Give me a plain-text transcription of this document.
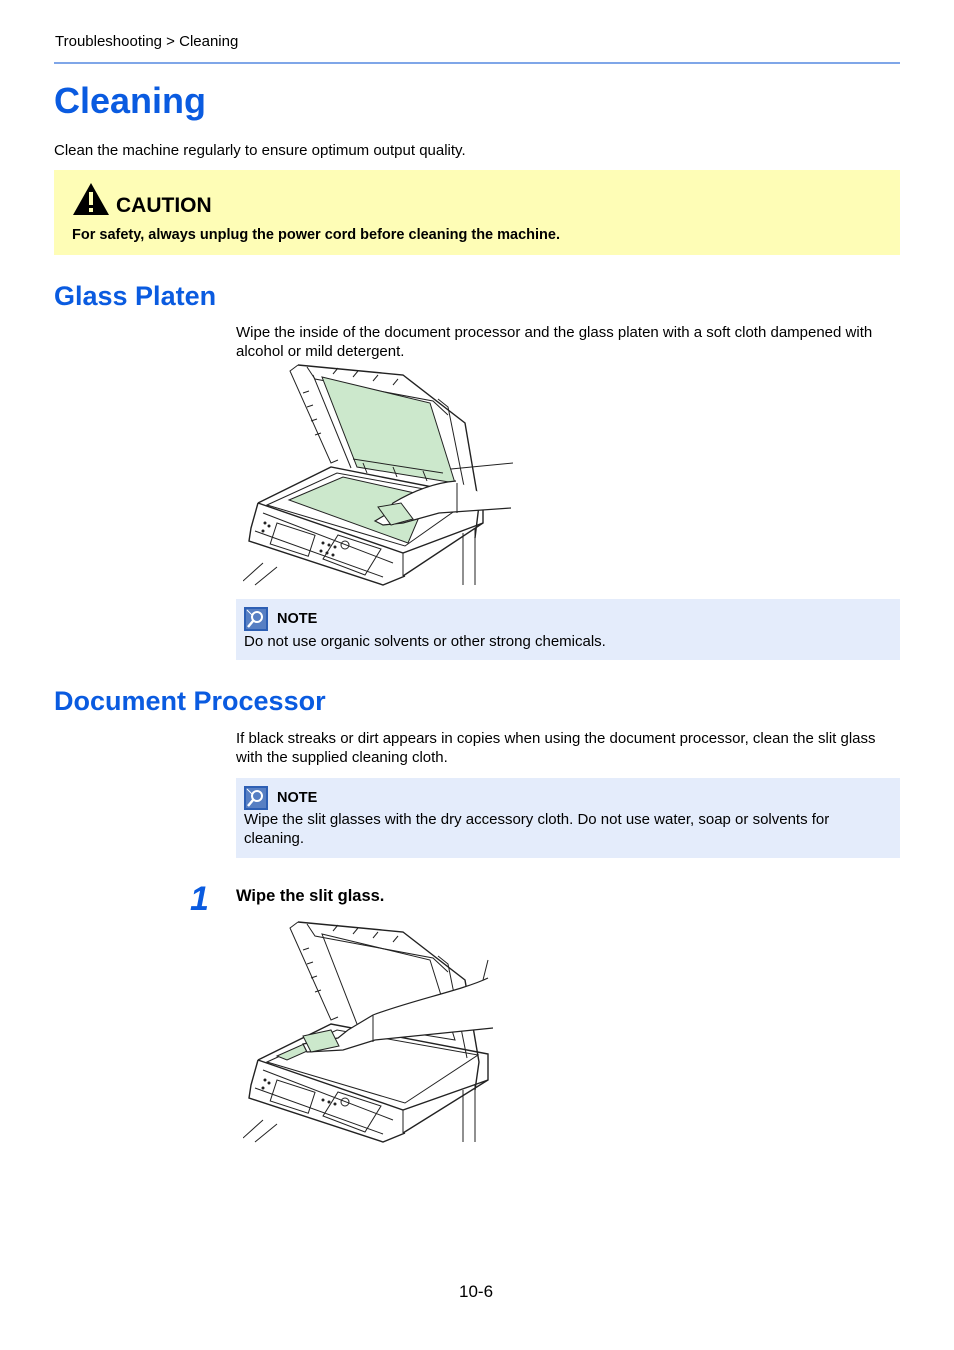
Troubleshooting > Cleaning
Cleaning
Clean the machine regularly to ensure optimum output quality.
CAUTION
For safety, always unplug the power cord before cleaning the machine.
Glass Platen
Wipe the inside of the document processor and the glass platen with a soft cloth dampened with alcohol or mild detergent.
NOTE
Do not use organic solvents or other strong chemicals.
Document Processor
If black streaks or dirt appears in copies when using the document processor, clean the slit glass with the supplied cleaning cloth.
NOTE
Wipe the slit glasses with the dry accessory cloth. Do not use water, soap or solvents for cleaning.
1 Wipe the slit glass.
10-6
